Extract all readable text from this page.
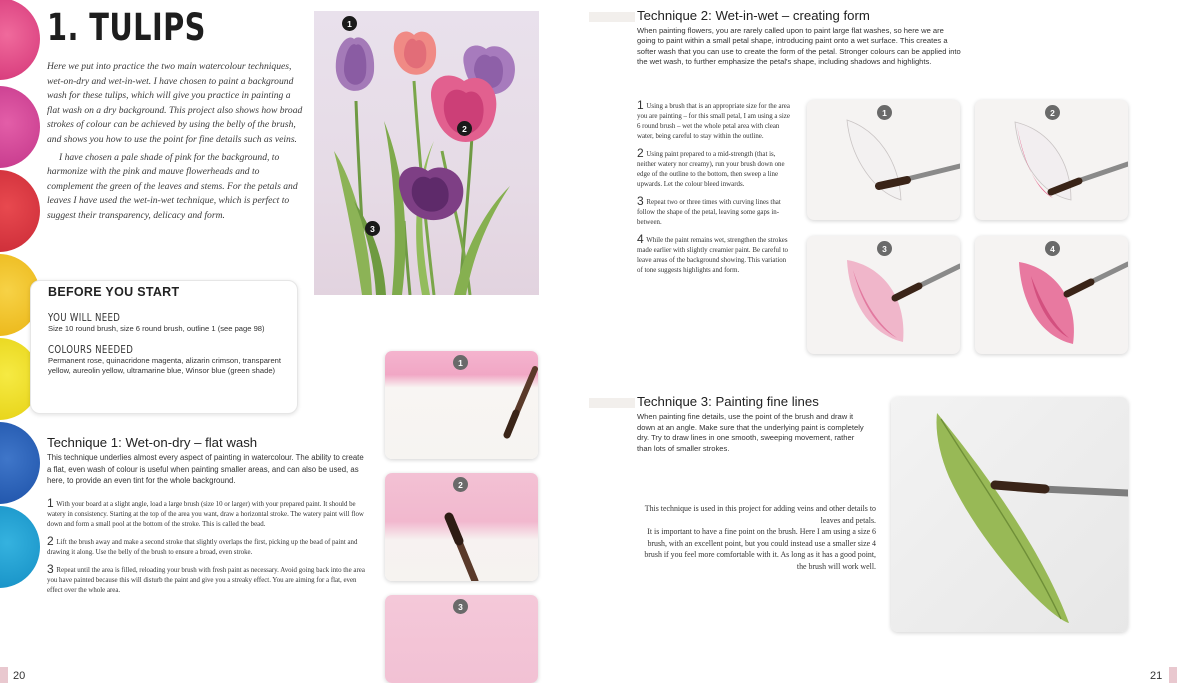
1. TULIPS

Here we put into practice the two main watercolour techniques, wet-on-dry and wet-in-wet. I have chosen to paint a background wash for these tulips, which will give you practice in painting a flat wash on a dry background. This project also shows how broad strokes of colour can be achieved by using the belly of the brush, and shows you how to use the point for fine details such as veins.

I have chosen a pale shade of pink for the background, to harmonize with the pink and mauve flowerheads and to complement the green of the leaves and stems. For the petals and leaves I have used the wet-in-wet technique, which is perfect to suggest their transparency, delicacy and form.

1
2
3
BEFORE YOU START
YOU WILL NEED
Size 10 round brush, size 6 round brush, outline 1 (see page 98)
COLOURS NEEDED
Permanent rose, quinacridone magenta, alizarin crimson, transparent yellow, aureolin yellow, ultramarine blue, Winsor blue (green shade)
Technique 1: Wet-on-dry – flat wash
This technique underlies almost every aspect of painting in watercolour. The ability to create a flat, even wash of colour is useful when painting smaller areas, and can also be used, as here, to provide an even tint for the whole background.

1 With your board at a slight angle, load a large brush (size 10 or larger) with your prepared paint. It should be watery in consistency. Starting at the top of the area you want, draw a horizontal stroke. The watery paint will flow down and form a small pool at the bottom of the stroke. This is called the bead.

2 Lift the brush away and make a second stroke that slightly overlaps the first, picking up the bead of paint and drawing it along. Use the belly of the brush to ensure a broad, even stroke.

3 Repeat until the area is filled, reloading your brush with fresh paint as necessary. Avoid going back into the area you have painted because this will disturb the paint and give you a streaky effect. You are aiming for a flat, even effect over the whole area.

1
2
3
20
Technique 2: Wet-in-wet – creating form
When painting flowers, you are rarely called upon to paint large flat washes, so here we are going to paint within a small petal shape, introducing paint onto a wet surface. This creates a softer wash that you can use to create the form of the petal. Stronger colours can be applied into the wet wash, to further emphasize the petal's shape, including shadows and highlights.

1 Using a brush that is an appropriate size for the area you are painting – for this small petal, I am using a size 6 round brush – wet the whole petal area with clean water, being careful to stay within the outline.

2 Using paint prepared to a mid-strength (that is, neither watery nor creamy), run your brush down one edge of the outline to the bottom, then sweep a line upwards. Let the colour bleed inwards.

3 Repeat two or three times with curving lines that follow the shape of the petal, leaving some gaps in-between.

4 While the paint remains wet, strengthen the strokes made earlier with slightly creamier paint. Be careful to leave areas of the background showing. This variation of tone suggests highlights and form.

1	2
3	4
Technique 3: Painting fine lines
When painting fine details, use the point of the brush and draw it down at an angle. Make sure that the underlying paint is completely dry. Try to draw lines in one smooth, sweeping movement, rather than lots of smaller strokes.
This technique is used in this project for adding veins and other details to leaves and petals.
It is important to have a fine point on the brush. Here I am using a size 6 brush, with an excellent point, but you could instead use a smaller size 4 brush if you feel more comfortable with it. As long as it has a good point, the brush will work well.
21
